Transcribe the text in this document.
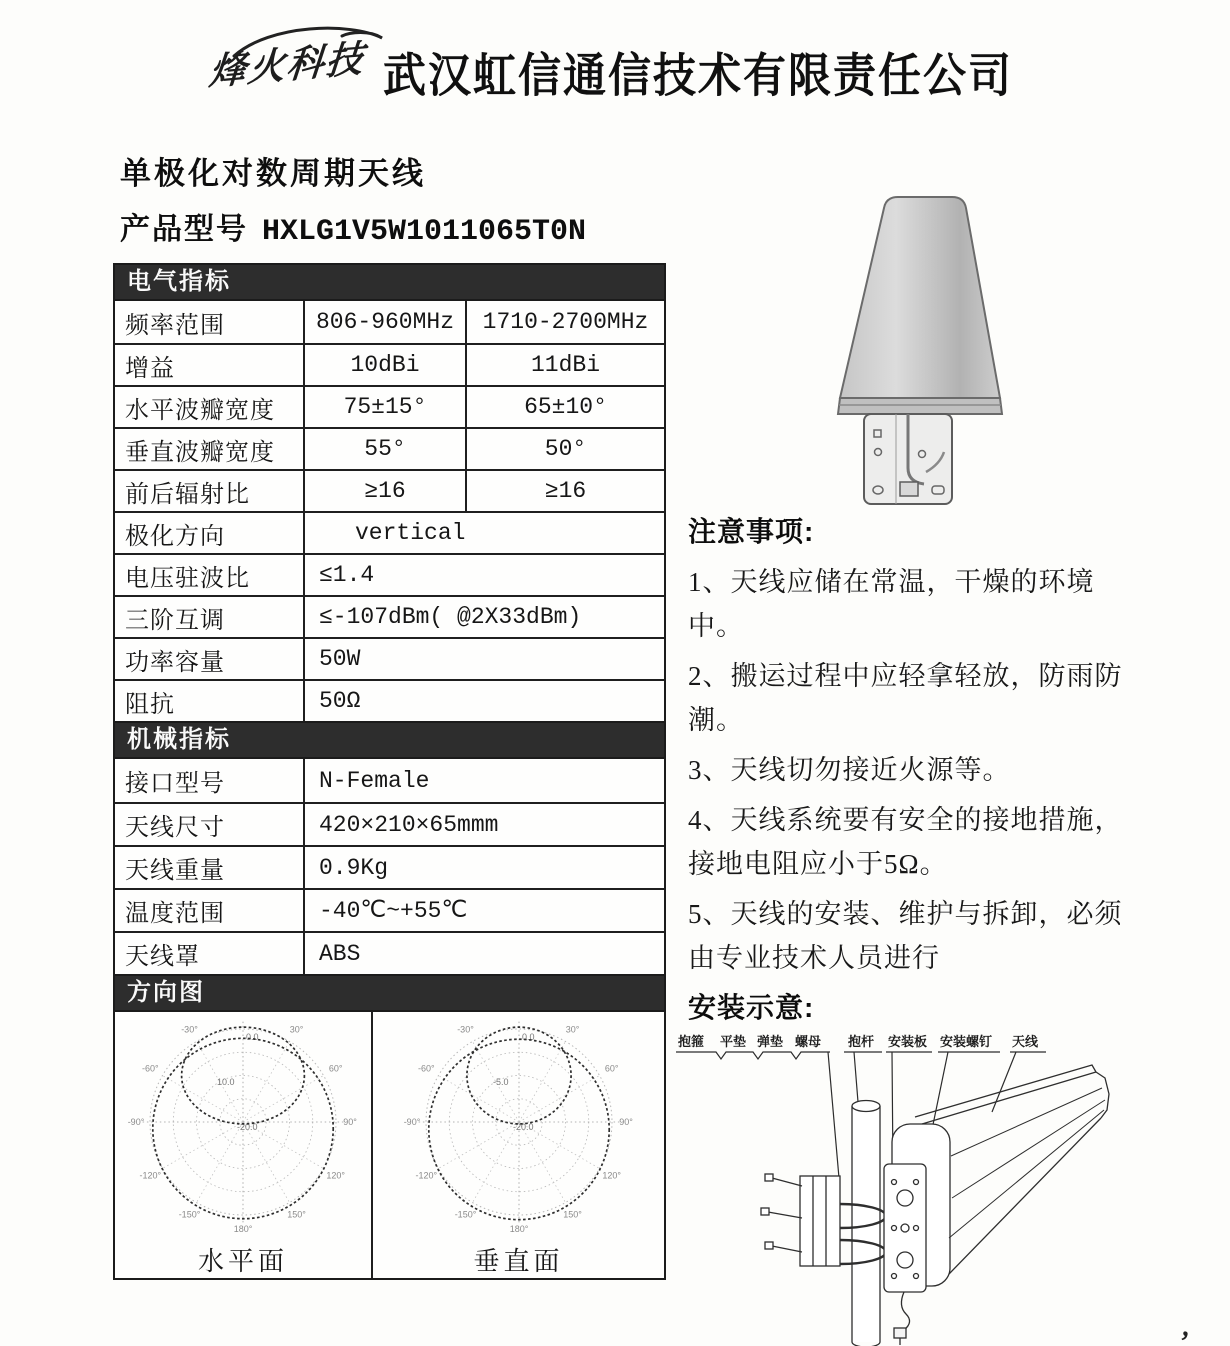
烽火科技 武汉虹信通信技术有限责任公司
单极化对数周期天线
产品型号 HXLG1V5W1011065T0N
电气指标
频率范围	806-960MHz	1710-2700MHz
增益	10dBi	11dBi
水平波瓣宽度	75±15°	65±10°
垂直波瓣宽度	55°	50°
前后辐射比	≥16	≥16
极化方向	vertical
电压驻波比	≤1.4
三阶互调	≤-107dBm( @2X33dBm)
功率容量	50W
阻抗	50Ω
机械指标
接口型号	N-Female
天线尺寸	420×210×65mmm
天线重量	0.9Kg
温度范围	-40℃~+55℃
天线罩	ABS
方向图
-30°	30°
-60°	60°
-90°	90°
-120°	120°
-150°	150°
180°
0.0
10.0
-20.0
水平面
-30°	30°
-60°	60°
-90°	90°
-120°	120°
-150°	150°
180°
0.0
-5.0
-20.0
垂直面
注意事项:

1、天线应储在常温，干燥的环境中。

2、搬运过程中应轻拿轻放，防雨防潮。

3、天线切勿接近火源等。

4、天线系统要有安全的接地措施，接地电阻应小于5Ω。

5、天线的安装、维护与拆卸，必须由专业技术人员进行

安装示意:
抱箍 平垫 弹垫 螺母 抱杆 安装板 安装螺钉 天线
，
